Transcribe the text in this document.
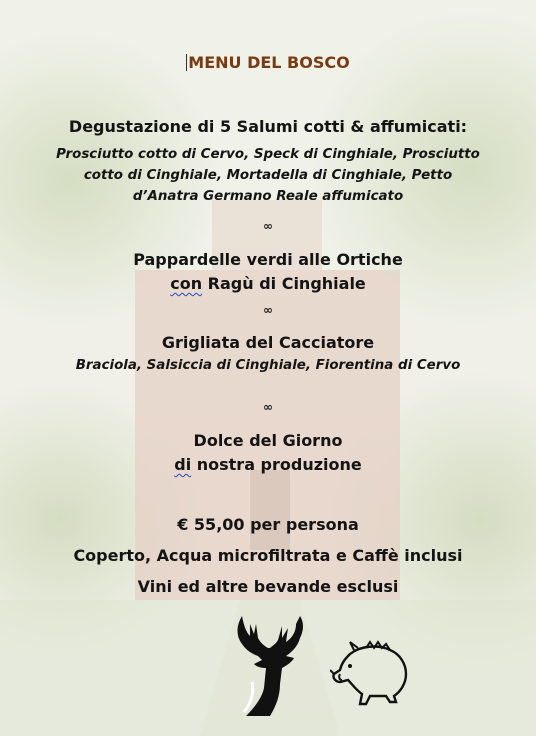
MENU DEL BOSCO
Degustazione di 5 Salumi cotti & affumicati:
Prosciutto cotto di Cervo, Speck di Cinghiale, Prosciutto
cotto di Cinghiale, Mortadella di Cinghiale, Petto
d’Anatra Germano Reale affumicato
∞
Pappardelle verdi alle Ortiche
con Ragù di Cinghiale
∞
Grigliata del Cacciatore
Braciola, Salsiccia di Cinghiale, Fiorentina di Cervo
∞
Dolce del Giorno
di nostra produzione
€ 55,00 per persona
Coperto, Acqua microfiltrata e Caffè inclusi
Vini ed altre bevande esclusi
